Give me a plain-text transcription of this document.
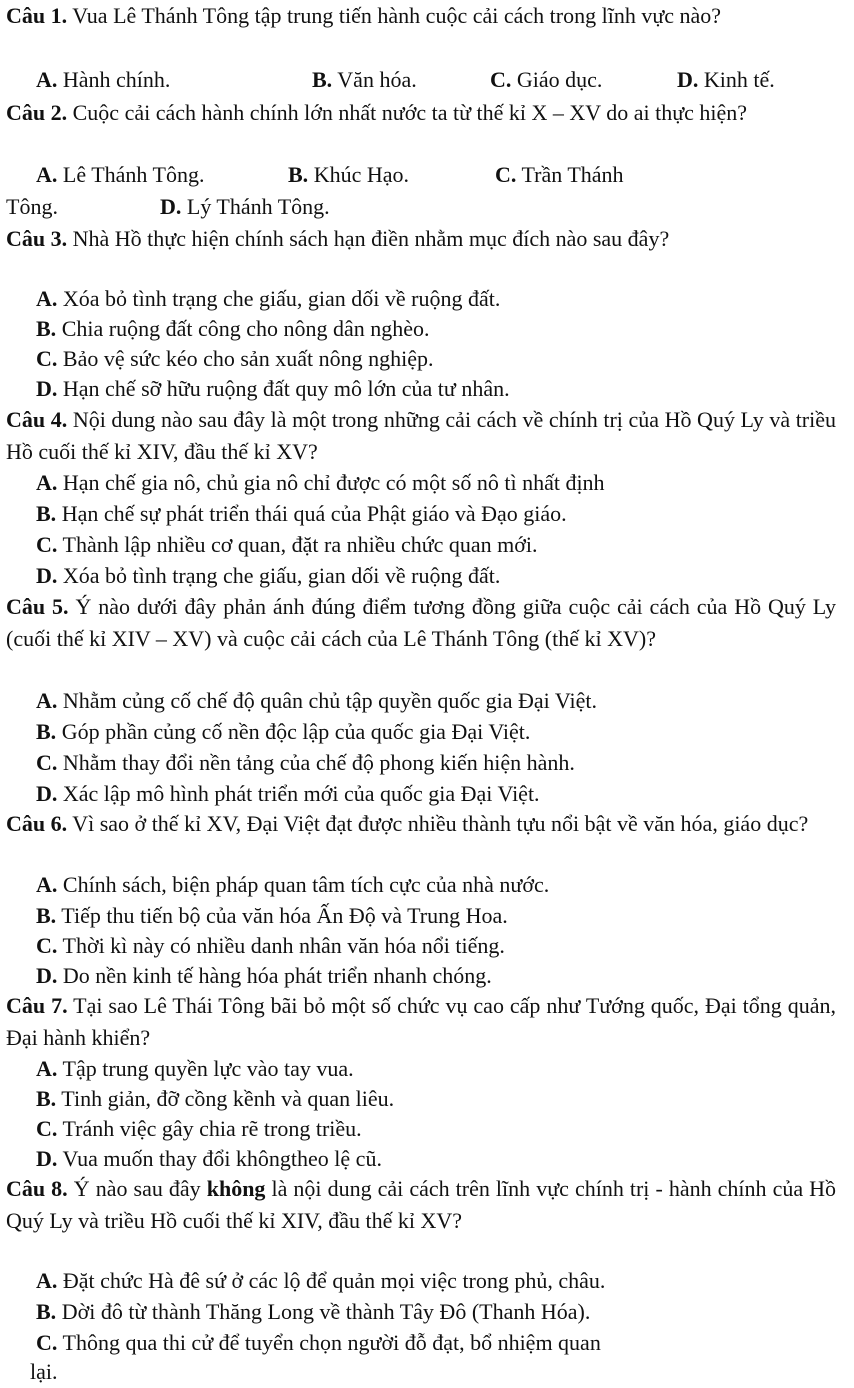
Câu 1. Vua Lê Thánh Tông tập trung tiến hành cuộc cải cách trong lĩnh vực nào?
A. Hành chính.	B. Văn hóa.	C. Giáo dục.	D. Kinh tế.
Câu 2. Cuộc cải cách hành chính lớn nhất nước ta từ thế kỉ X – XV do ai thực hiện?
A. Lê Thánh Tông.	B. Khúc Hạo.	C. Trần Thánh
Tông.	D. Lý Thánh Tông.
Câu 3. Nhà Hồ thực hiện chính sách hạn điền nhằm mục đích nào sau đây?
A. Xóa bỏ tình trạng che giấu, gian dối về ruộng đất.
B. Chia ruộng đất công cho nông dân nghèo.
C. Bảo vệ sức kéo cho sản xuất nông nghiệp.
D. Hạn chế sỡ hữu ruộng đất quy mô lớn của tư nhân.
Câu 4. Nội dung nào sau đây là một trong những cải cách về chính trị của Hồ Quý Ly và triều Hồ cuối thế kỉ XIV, đầu thế kỉ XV?
A. Hạn chế gia nô, chủ gia nô chỉ được có một số nô tì nhất định
B. Hạn chế sự phát triển thái quá của Phật giáo và Đạo giáo.
C. Thành lập nhiều cơ quan, đặt ra nhiều chức quan mới.
D. Xóa bỏ tình trạng che giấu, gian dối về ruộng đất.
Câu 5. Ý nào dưới đây phản ánh đúng điểm tương đồng giữa cuộc cải cách của Hồ Quý Ly (cuối thế kỉ XIV – XV) và cuộc cải cách của Lê Thánh Tông (thế kỉ XV)?
A. Nhằm củng cố chế độ quân chủ tập quyền quốc gia Đại Việt.
B. Góp phần củng cố nền độc lập của quốc gia Đại Việt.
C. Nhằm thay đổi nền tảng của chế độ phong kiến hiện hành.
D. Xác lập mô hình phát triển mới của quốc gia Đại Việt.
Câu 6. Vì sao ở thế kỉ XV, Đại Việt đạt được nhiều thành tựu nổi bật về văn hóa, giáo dục?
A. Chính sách, biện pháp quan tâm tích cực của nhà nước.
B. Tiếp thu tiến bộ của văn hóa Ấn Độ và Trung Hoa.
C. Thời kì này có nhiều danh nhân văn hóa nổi tiếng.
D. Do nền kinh tế hàng hóa phát triển nhanh chóng.
Câu 7. Tại sao Lê Thái Tông bãi bỏ một số chức vụ cao cấp như Tướng quốc, Đại tổng quản, Đại hành khiển?
A. Tập trung quyền lực vào tay vua.
B. Tinh giản, đỡ cồng kềnh và quan liêu.
C. Tránh việc gây chia rẽ trong triều.
D. Vua muốn thay đổi khôngtheo lệ cũ.
Câu 8. Ý nào sau đây không là nội dung cải cách trên lĩnh vực chính trị - hành chính của Hồ Quý Ly và triều Hồ cuối thế kỉ XIV, đầu thế kỉ XV?
A. Đặt chức Hà đê sứ ở các lộ để quản mọi việc trong phủ, châu.
B. Dời đô từ thành Thăng Long về thành Tây Đô (Thanh Hóa).
C. Thông qua thi cử để tuyển chọn người đỗ đạt, bổ nhiệm quan
lại.
